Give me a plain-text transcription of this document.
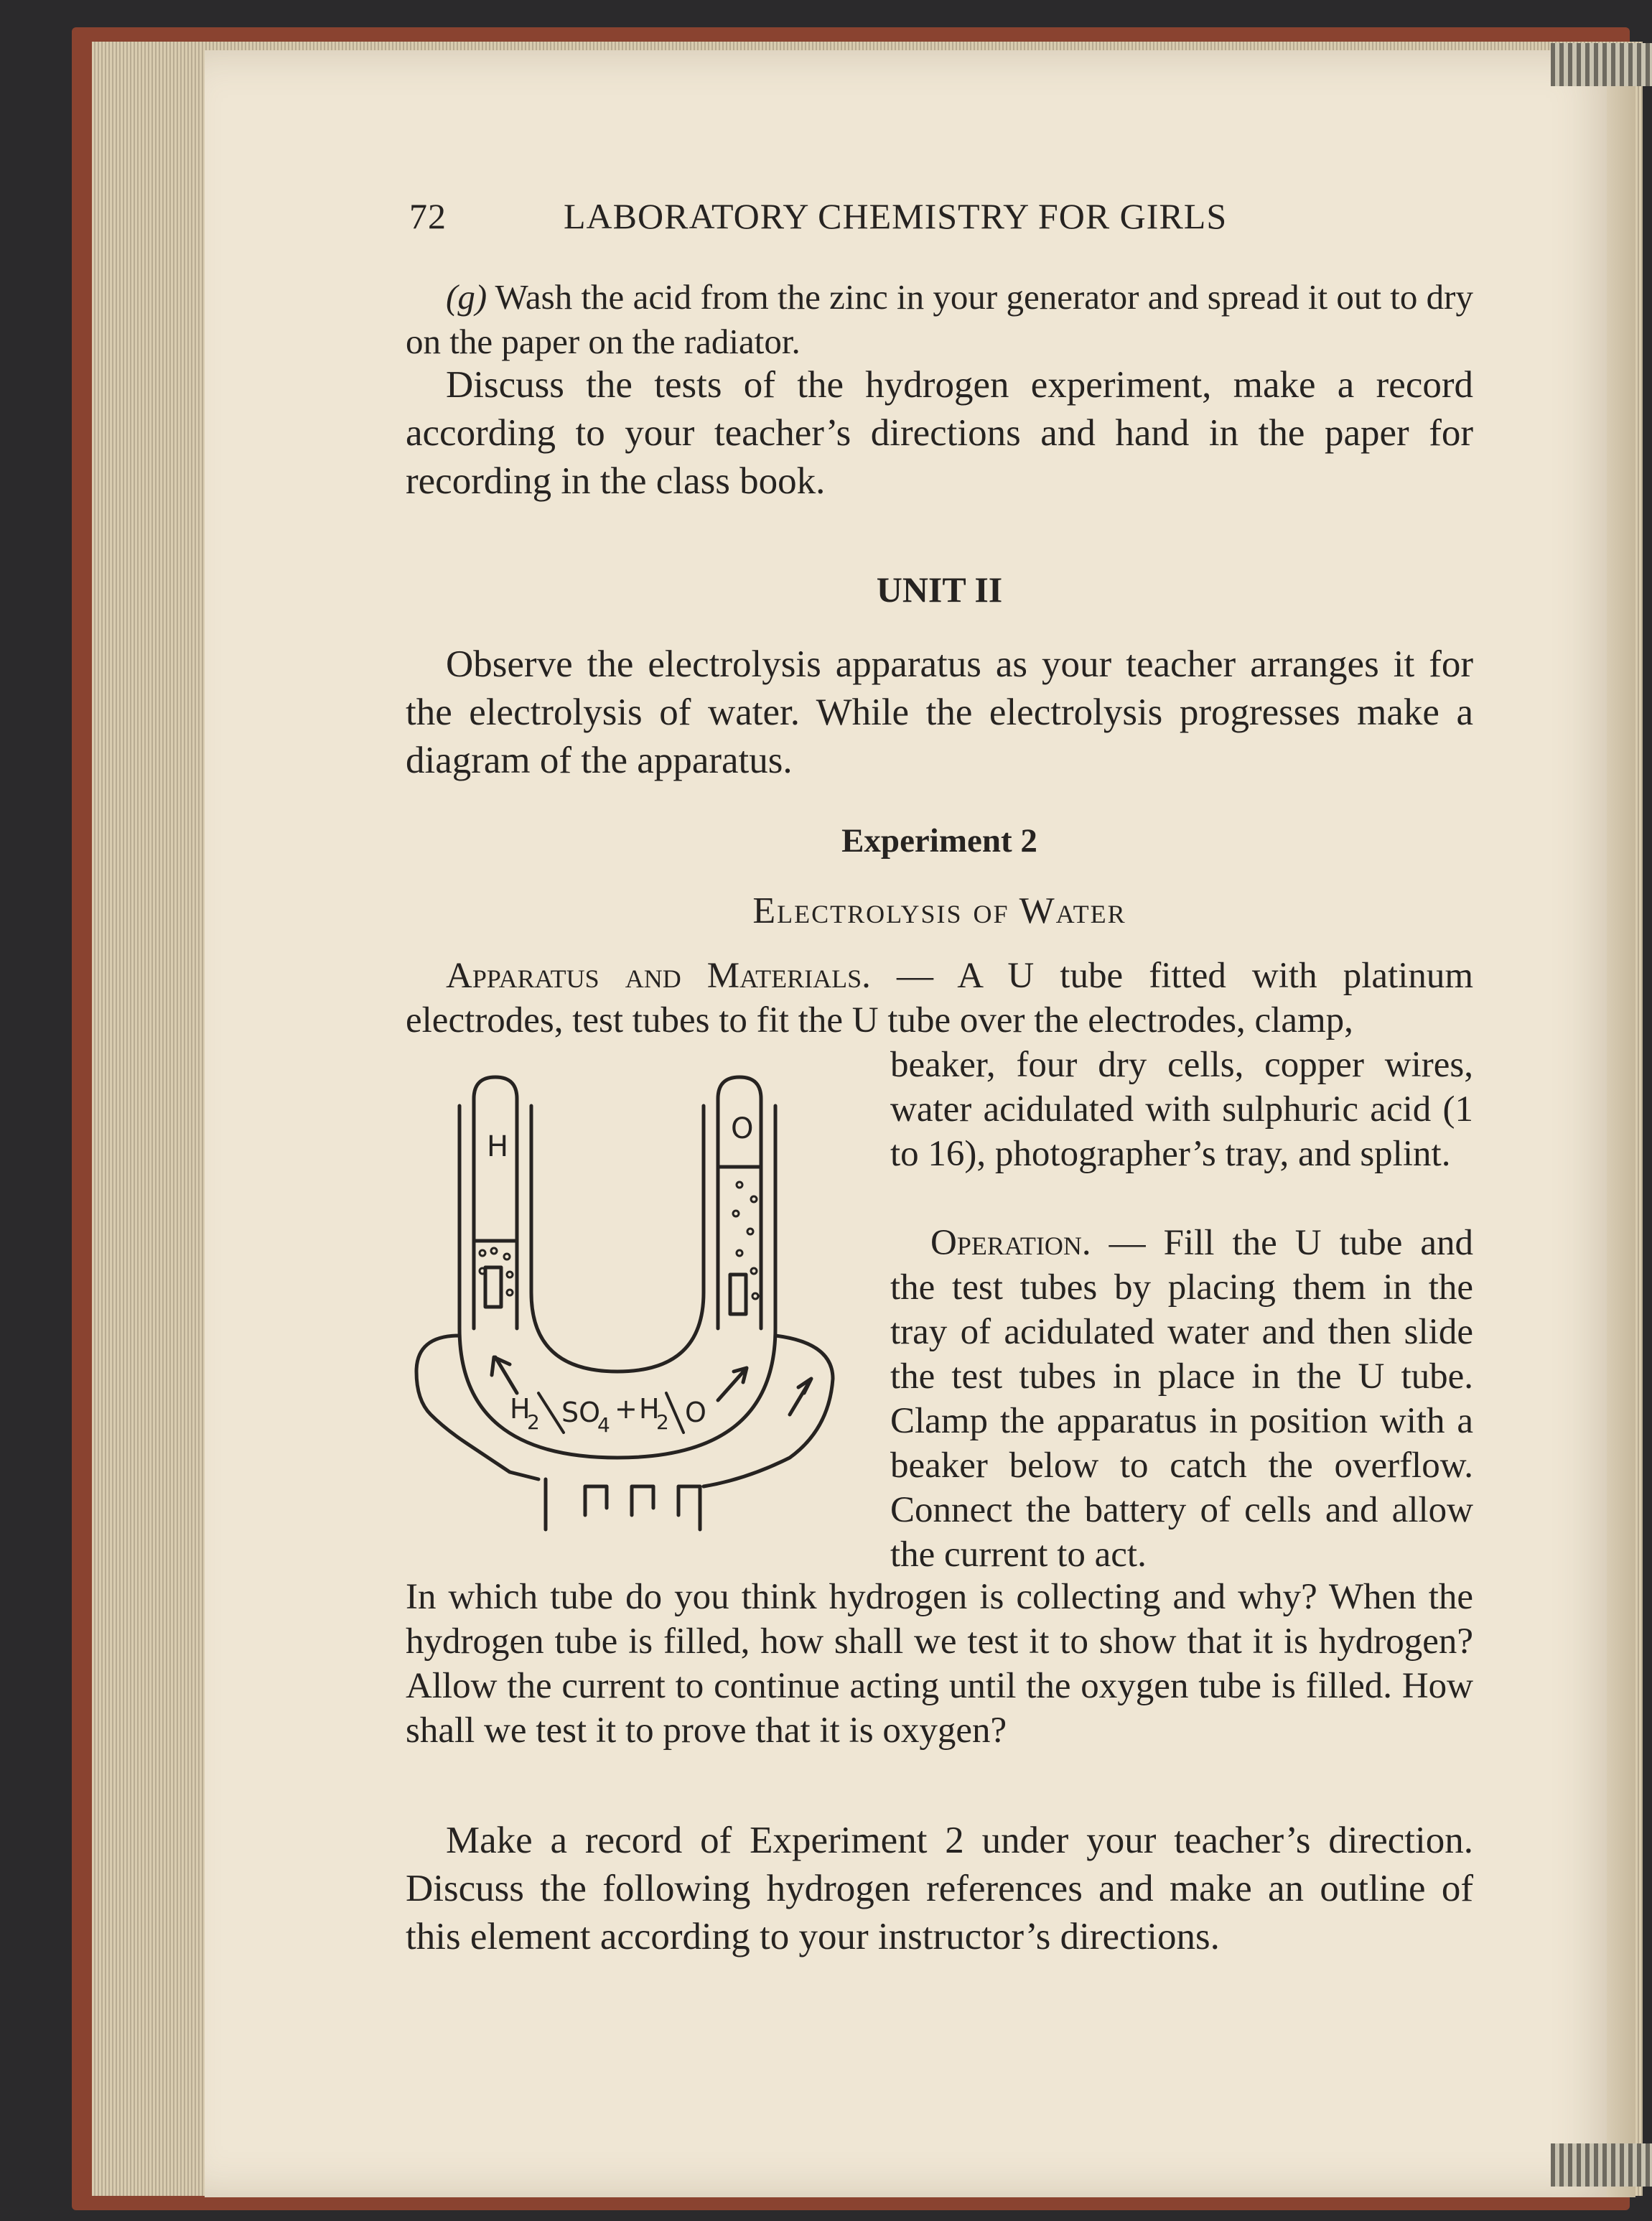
72	LABORATORY CHEMISTRY FOR GIRLS

(g) Wash the acid from the zinc in your generator and spread it out to dry on the paper on the radiator.

Discuss the tests of the hydrogen experiment, make a record according to your teacher’s directions and hand in the paper for recording in the class book.

UNIT II

Observe the electrolysis apparatus as your teacher arranges it for the electrolysis of water. While the electrolysis progresses make a diagram of the apparatus.

Experiment 2
Electrolysis of Water

Apparatus and Materials. — A U tube fitted with platinum electrodes, test tubes to fit the U tube over the electrodes, clamp,

beaker, four dry cells, copper wires, water acidulated with sulphuric acid (1 to 16), photographer’s tray, and splint.

Operation. — Fill the U tube and the test tubes by placing them in the tray of acidulated water and then slide the test tubes in place in the U tube. Clamp the apparatus in position with a beaker below to catch the overflow. Connect the battery of cells and allow the current to act.

In which tube do you think hydrogen is collecting and why? When the hydrogen tube is filled, how shall we test it to show that it is hydrogen? Allow the current to continue acting until the oxygen tube is filled. How shall we test it to prove that it is oxygen?

Make a record of Experiment 2 under your teacher’s direction. Discuss the following hydrogen references and make an outline of this element according to your instructor’s directions.

H
O
H
2 SO
4
+ H
2 O
